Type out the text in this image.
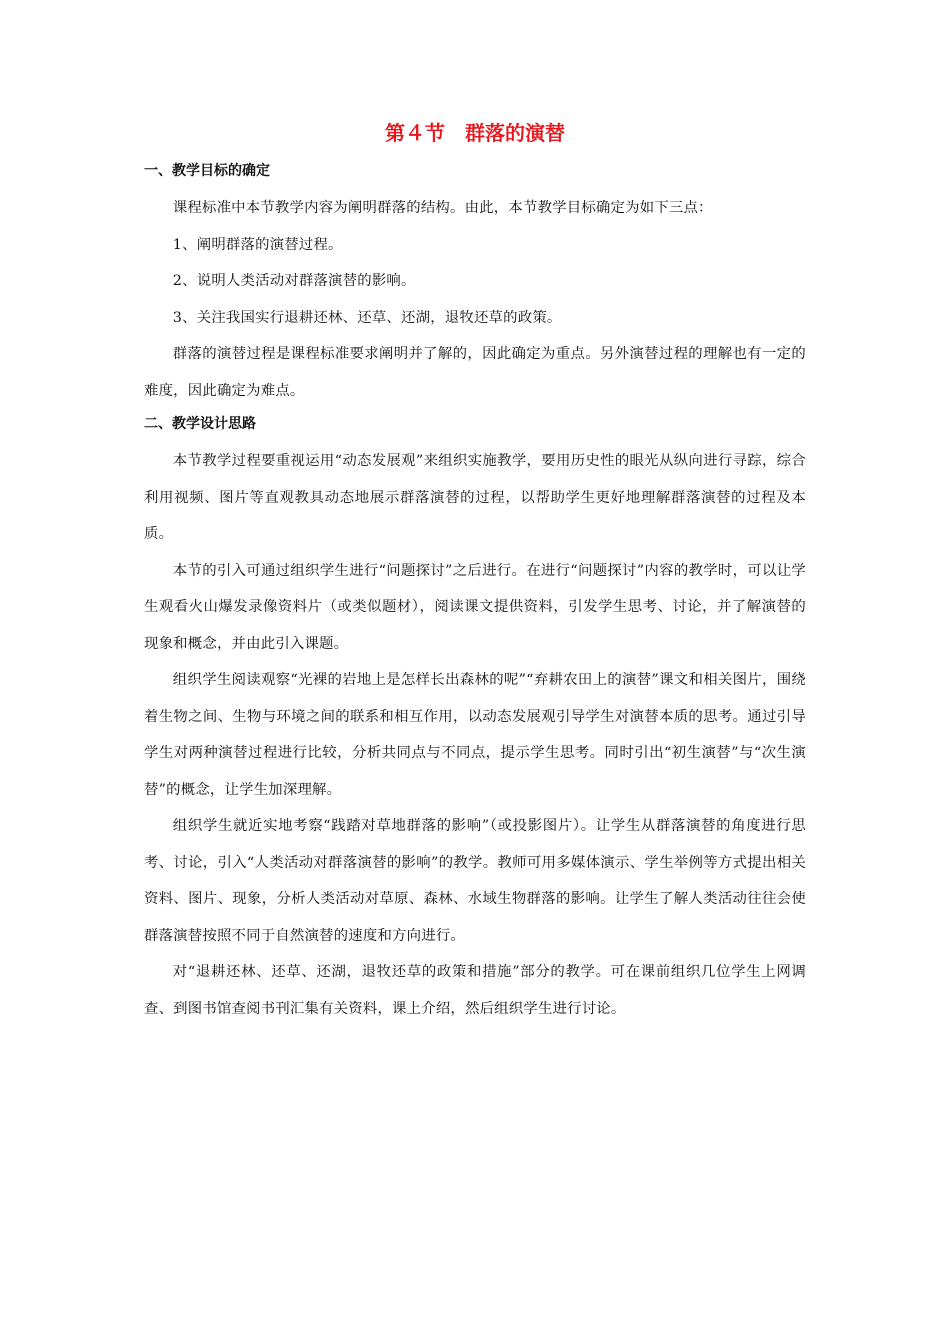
第４节　群落的演替
一、教学目标的确定

课程标准中本节教学内容为阐明群落的结构。由此，本节教学目标确定为如下三点：

1、阐明群落的演替过程。

2、说明人类活动对群落演替的影响。

3、关注我国实行退耕还林、还草、还湖，退牧还草的政策。

群落的演替过程是课程标准要求阐明并了解的，因此确定为重点。另外演替过程的理解也有一定的难度，因此确定为难点。

二、教学设计思路

本节教学过程要重视运用“动态发展观”来组织实施教学，要用历史性的眼光从纵向进行寻踪，综合利用视频、图片等直观教具动态地展示群落演替的过程，以帮助学生更好地理解群落演替的过程及本质。

本节的引入可通过组织学生进行“问题探讨”之后进行。在进行“问题探讨”内容的教学时，可以让学生观看火山爆发录像资料片（或类似题材），阅读课文提供资料，引发学生思考、讨论，并了解演替的现象和概念，并由此引入课题。

组织学生阅读观察“光裸的岩地上是怎样长出森林的呢”“弃耕农田上的演替”课文和相关图片，围绕着生物之间、生物与环境之间的联系和相互作用，以动态发展观引导学生对演替本质的思考。通过引导学生对两种演替过程进行比较，分析共同点与不同点，提示学生思考。同时引出“初生演替”与“次生演替”的概念，让学生加深理解。

组织学生就近实地考察“践踏对草地群落的影响”（或投影图片）。让学生从群落演替的角度进行思考、讨论，引入“人类活动对群落演替的影响”的教学。教师可用多媒体演示、学生举例等方式提出相关资料、图片、现象，分析人类活动对草原、森林、水域生物群落的影响。让学生了解人类活动往往会使群落演替按照不同于自然演替的速度和方向进行。

对“退耕还林、还草、还湖，退牧还草的政策和措施”部分的教学。可在课前组织几位学生上网调查、到图书馆查阅书刊汇集有关资料，课上介绍，然后组织学生进行讨论。
